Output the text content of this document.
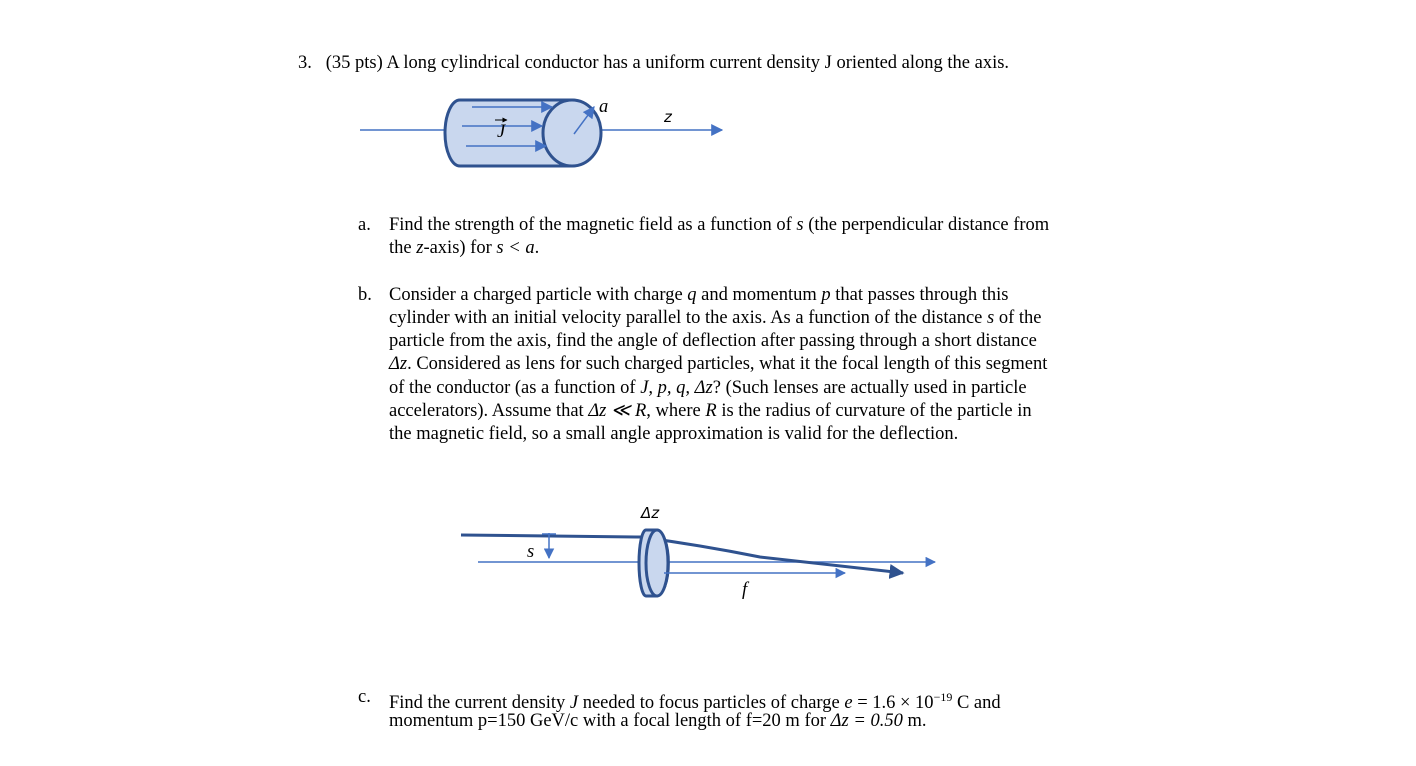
3. (35 pts) A long cylindrical conductor has a uniform current density J oriented along the axis.
a	z
J
a. Find the strength of the magnetic field as a function of s (the perpendicular distance from
the z-axis) for s < a.
b. Consider a charged particle with charge q and momentum p that passes through this
cylinder with an initial velocity parallel to the axis. As a function of the distance s of the
particle from the axis, find the angle of deflection after passing through a short distance
Δz. Considered as lens for such charged particles, what it the focal length of this segment
of the conductor (as a function of J, p, q, Δz? (Such lenses are actually used in particle
accelerators). Assume that Δz ≪ R, where R is the radius of curvature of the particle in
the magnetic field, so a small angle approximation is valid for the deflection.
Δz
s
f
c. Find the current density J needed to focus particles of charge $e = 1.6 \times 10^{-19}$ C and
momentum p=150 GeV/c with a focal length of f=20 m for Δz = 0.50 m.
